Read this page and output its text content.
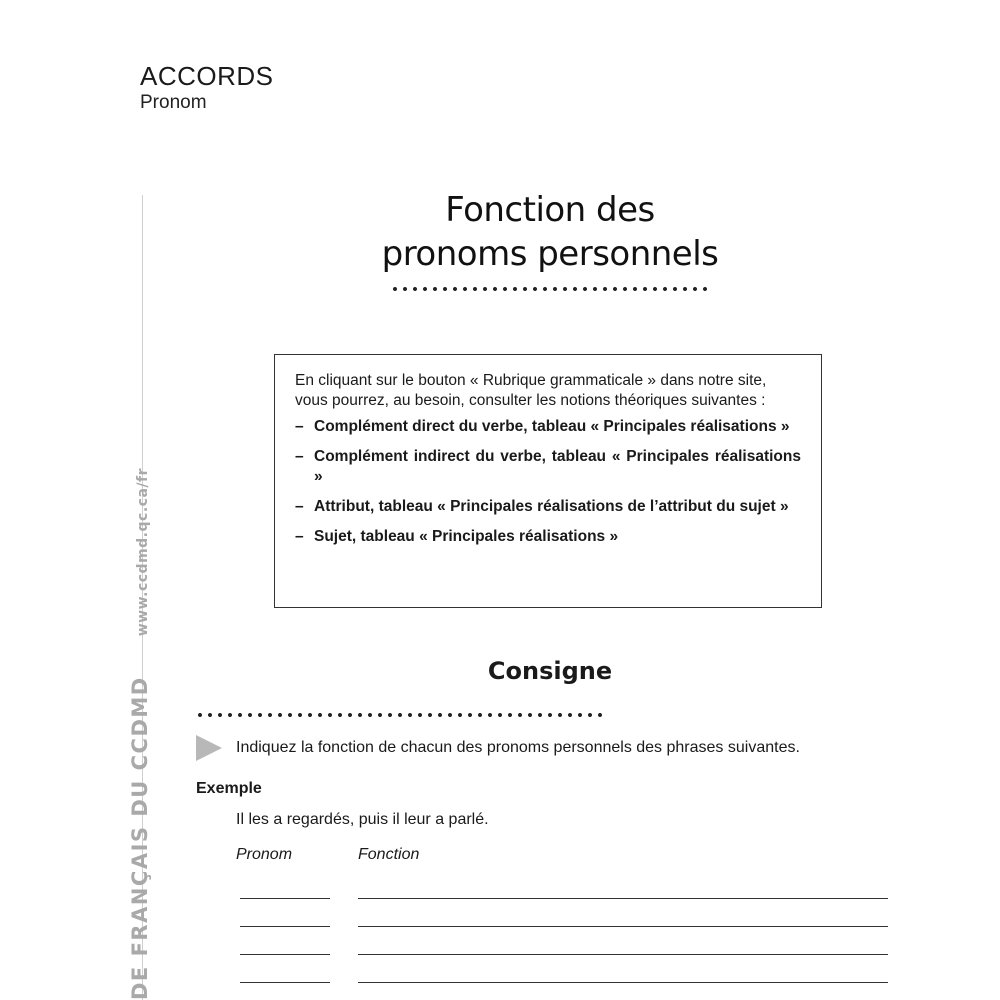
ACCORDS
Pronom
DE FRANÇAIS DU CCDMDwww.ccdmd.qc.ca/fr
Fonction des
pronoms personnels

En cliquant sur le bouton « Rubrique grammaticale » dans notre site, vous pourrez, au besoin, consulter les notions théoriques suivantes :

– Complément direct du verbe, tableau « Principales réalisations »
– Complément indirect du verbe, tableau « Principales réalisations »
– Attribut, tableau « Principales réalisations de l’attribut du sujet »
– Sujet, tableau « Principales réalisations »
Consigne
Indiquez la fonction de chacun des pronoms personnels des phrases suivantes.
Exemple
Il les a regardés, puis il leur a parlé.
Pronom	Fonction
